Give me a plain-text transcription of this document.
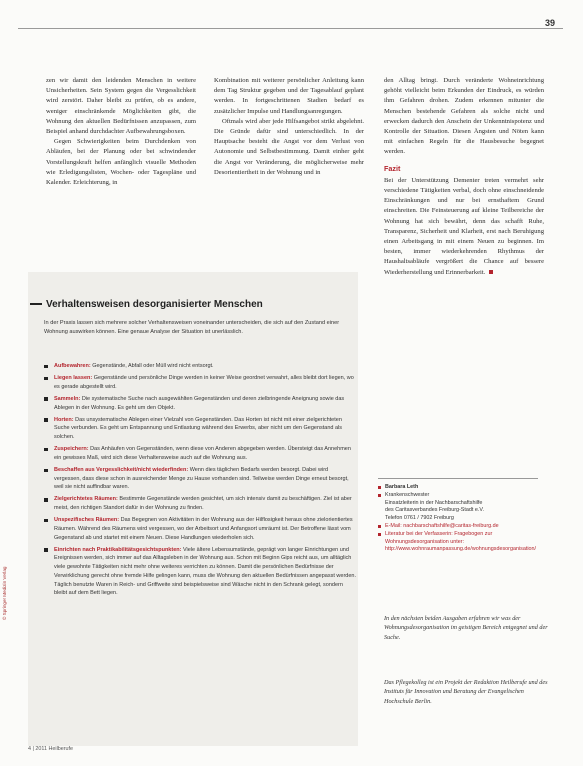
39

zen wir damit den leidenden Menschen in weitere Unsicherheiten. Sein System gegen die Vergesslichkeit wird zerstört. Daher bleibt zu prüfen, ob es andere, weniger einschränkende Möglichkeiten gibt, die Wohnung den aktuellen Bedürfnissen anzupassen, zum Beispiel anhand durchdachter Aufbewahrungsboxen.

Gegen Schwierigkeiten beim Durchdenken von Abläufen, bei der Planung oder bei schwindender Vorstellungskraft helfen anfänglich visuelle Methoden wie Erledigungslisten, Wochen- oder Tagespläne und Kalender. Erleichterung, in

Kombination mit weiterer persönlicher Anleitung kann dem Tag Struktur gegeben und der Tagesablauf geplant werden. In fortgeschrittenen Stadien bedarf es zusätzlicher Impulse und Handlungsanregungen.

Oftmals wird aber jede Hilfsangebot strikt abgelehnt. Die Gründe dafür sind unterschiedlich. In der Hauptsache besteht die Angst vor dem Verlust von Autonomie und Selbstbestimmung. Damit einher geht die Angst vor Veränderung, die möglicherweise mehr Desorientiertheit in der Wohnung und in

den Alltag bringt. Durch veränderte Wohneinrichtung gehöht vielleicht beim Erkunden der Eindruck, es würden ihm Gefahren drohen. Zudem erkennen mitunter die Menschen bestehende Gefahren als solche nicht und erwecken dadurch den Anschein der Unkenntnispotenz und Kontrolle der Situation. Diesen Ängsten und Nöten kann mit einfachen Regeln für die Hausbesuche begegnet werden.

Fazit

Bei der Unterstützung Dementer treten vermehrt sehr verschiedene Tätigkeiten verbal, doch ohne einschneidende Einschränkungen und nur bei ernsthaftem Grund einschreiten. Die Feinsteuerung auf kleine Teilbereiche der Wohnung hat sich bewährt, denn das schafft Ruhe, Transparenz, Sicherheit und Klarheit, erst nach Beruhigung einen Arbeitsgang in mit einem Neuen zu beginnen. Im besten, immer wiederkehrenden Rhythmus der Haushaltsabläufe vergrößert die Chance auf bessere Wiederherstellung und Erinnerbarkeit.

Verhaltensweisen desorganisierter Menschen
In der Praxis lassen sich mehrere solcher Verhaltensweisen voneinander unterscheiden, die sich auf den Zustand einer Wohnung auswirken können. Eine genaue Analyse der Situation ist unerlässlich.
Aufbewahren: Gegenstände, Abfall oder Müll wird nicht entsorgt.
Liegen lassen: Gegenstände und persönliche Dinge werden in keiner Weise geordnet verwahrt, alles bleibt dort liegen, wo es gerade abgestellt wird.
Sammeln: Die systematische Suche nach ausgewählten Gegenständen und deren zielbringende Aneignung sowie das Ablegen in der Wohnung. Es geht um den Objekt.
Horten: Das unsystematische Ablegen einer Vielzahl von Gegenständen. Das Horten ist nicht mit einer zielgerichteten Suche verbunden. Es geht um Entspannung und Entlastung während des Erwerbs, aber nicht um den Gegenstand als solchen.
Zuspeichern: Das Anhäufen von Gegenständen, wenn diese von Anderen abgegeben werden. Übersteigt das Annehmen ein gewisses Maß, wird sich diese Verhaltensweise auch auf die Wohnung aus.
Beschaffen aus Vergesslichkeit/nicht wiederfinden: Wenn dies täglichen Bedarfs werden besorgt. Dabei wird vergessen, dass diese schon in ausreichender Menge zu Hause vorhanden sind. Teilweise werden Dinge erneut besorgt, weil sie nicht auffindbar waren.
Zielgerichtetes Räumen: Bestimmte Gegenstände werden gesichtet, um sich intensiv damit zu beschäftigen. Ziel ist aber meist, den richtigen Standort dafür in der Wohnung zu finden.
Unspezifisches Räumen: Das Begegnen von Aktivitäten in der Wohnung aus der Hilflosigkeit heraus ohne zielorientiertes Räumen. Während des Räumens wird vergessen, wo der Arbeitsort und Anfangsort umräumt ist. Der Betroffene lässt vom Gegenstand ab und startet mit einem Neuen. Diese Handlungen wiederholen sich.
Einrichten nach Praktikabilitätsgesichtspunkten: Viele ältere Lebensumstände, geprägt von langer Einrichtungen und Ereignissen werden, sich immer auf das Alltagsleben in der Wohnung aus. Schon mit Beginn Gips reicht aus, um alltäglich viele gewohnte Tätigkeiten nicht mehr ohne weiteres verrichten zu können. Damit die persönlichen Bedürfnisse der Verwirklichung gerecht ohne fremde Hilfe gelingen kann, muss die Wohnung den aktuellen Bedürfnissen angepasst werden. Täglich benutzte Waren in Reich- und Griffweite sind beispielsweise sind Wäsche nicht in den Schrank gelegt, sondern bleibt auf dem Bett liegen.
Barbara Leth
Krankenschwester
Einsatzleiterin in der Nachbarschaftshilfe
des Caritasverbandes Freiburg-Stadt e.V.
Telefon 0761 / 7902 Freiburg
E-Mail: nachbarschaftshilfe@caritas-freiburg.de
Literatur bei der Verfasserin: Fragebogen zur Wohnungsdesorganisation unter: http://www.wohnraumanpassung.de/wohnungsdesorganisation/
In den nächsten beiden Ausgaben erfahren wir was der Wohnungsdesorganisation im geistigen Bereich entgegnet und der Suche.
Das Pflegekolleg ist ein Projekt der Redaktion Heilberufe und des Instituts für Innovation und Beratung der Evangelischen Hochschule Berlin.
© Springer Medizin Verlag
4 | 2011 Heilberufe
